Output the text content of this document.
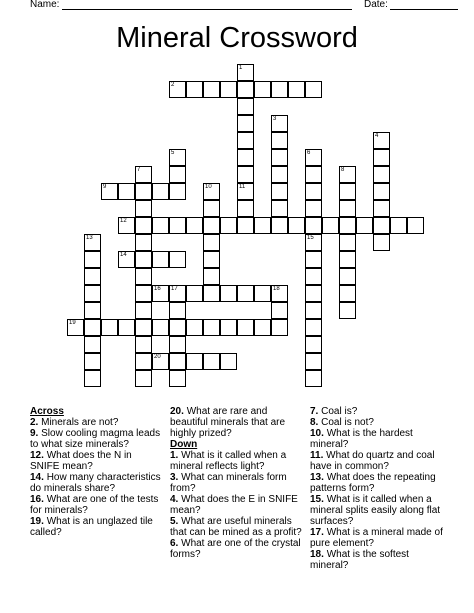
Name:	Date:
Mineral Crossword
2
9
12
14
16 17	18
19
20
1
3
4
5	6
7	8
10	11
13	15
Across
2. Minerals are not?
9. Slow cooling magma leads to what size minerals?
12. What does the N in SNIFE mean?
14. How many characteristics do minerals share?
16. What are one of the tests for minerals?
19. What is an unglazed tile called?
20. What are rare and beautiful minerals that are highly prized?
Down
1. What is it called when a mineral reflects light?
3. What can minerals form from?
4. What does the E in SNIFE mean?
5. What are useful minerals that can be mined as a profit?
6. What are one of the crystal forms?
7. Coal is?
8. Coal is not?
10. What is the hardest mineral?
11. What do quartz and coal have in common?
13. What does the repeating patterns form?
15. What is it called when a mineral splits easily along flat surfaces?
17. What is a mineral made of pure element?
18. What is the softest mineral?
